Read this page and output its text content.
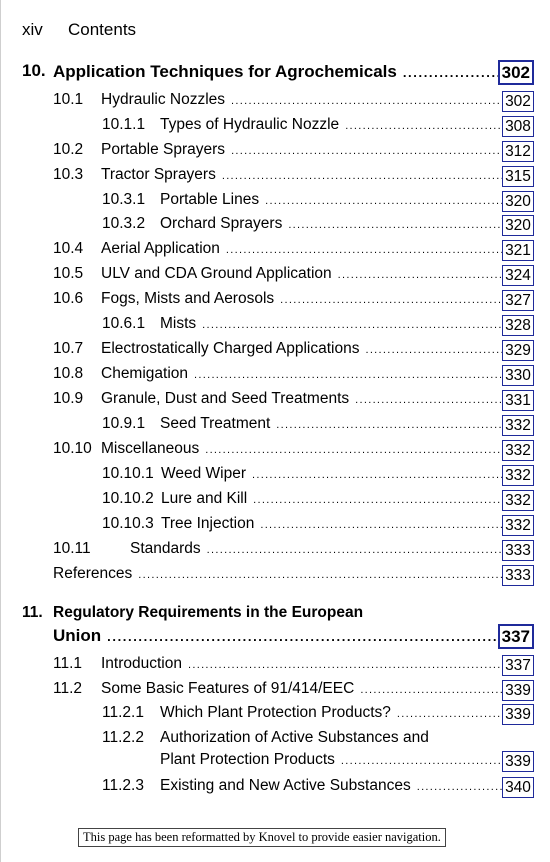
xiv Contents
10. Application Techniques for Agrochemicals .....	302
10.1 Hydraulic Nozzles .....	302
10.1.1 Types of Hydraulic Nozzle .....	308
10.2 Portable Sprayers .....	312
10.3 Tractor Sprayers .....	315
10.3.1 Portable Lines .....	320
10.3.2 Orchard Sprayers .....	320
10.4 Aerial Application .....	321
10.5 ULV and CDA Ground Application .....	324
10.6 Fogs, Mists and Aerosols .....	327
10.6.1 Mists .....	328
10.7 Electrostatically Charged Applications .....	329
10.8 Chemigation .....	330
10.9 Granule, Dust and Seed Treatments .....	331
10.9.1 Seed Treatment .....	332
10.10 Miscellaneous .....	332
10.10.1 Weed Wiper .....	332
10.10.2 Lure and Kill .....	332
10.10.3 Tree Injection .....	332
10.11	Standards .....	333
References .....	333
11. Regulatory Requirements in the European
Union .....	337
11.1 Introduction .....	337
11.2 Some Basic Features of 91/414/EEC .....	339
11.2.1 Which Plant Protection Products? .....	339
11.2.2 Authorization of Active Substances and
Plant Protection Products .....	339
11.2.3 Existing and New Active Substances .....	340
This page has been reformatted by Knovel to provide easier navigation.
